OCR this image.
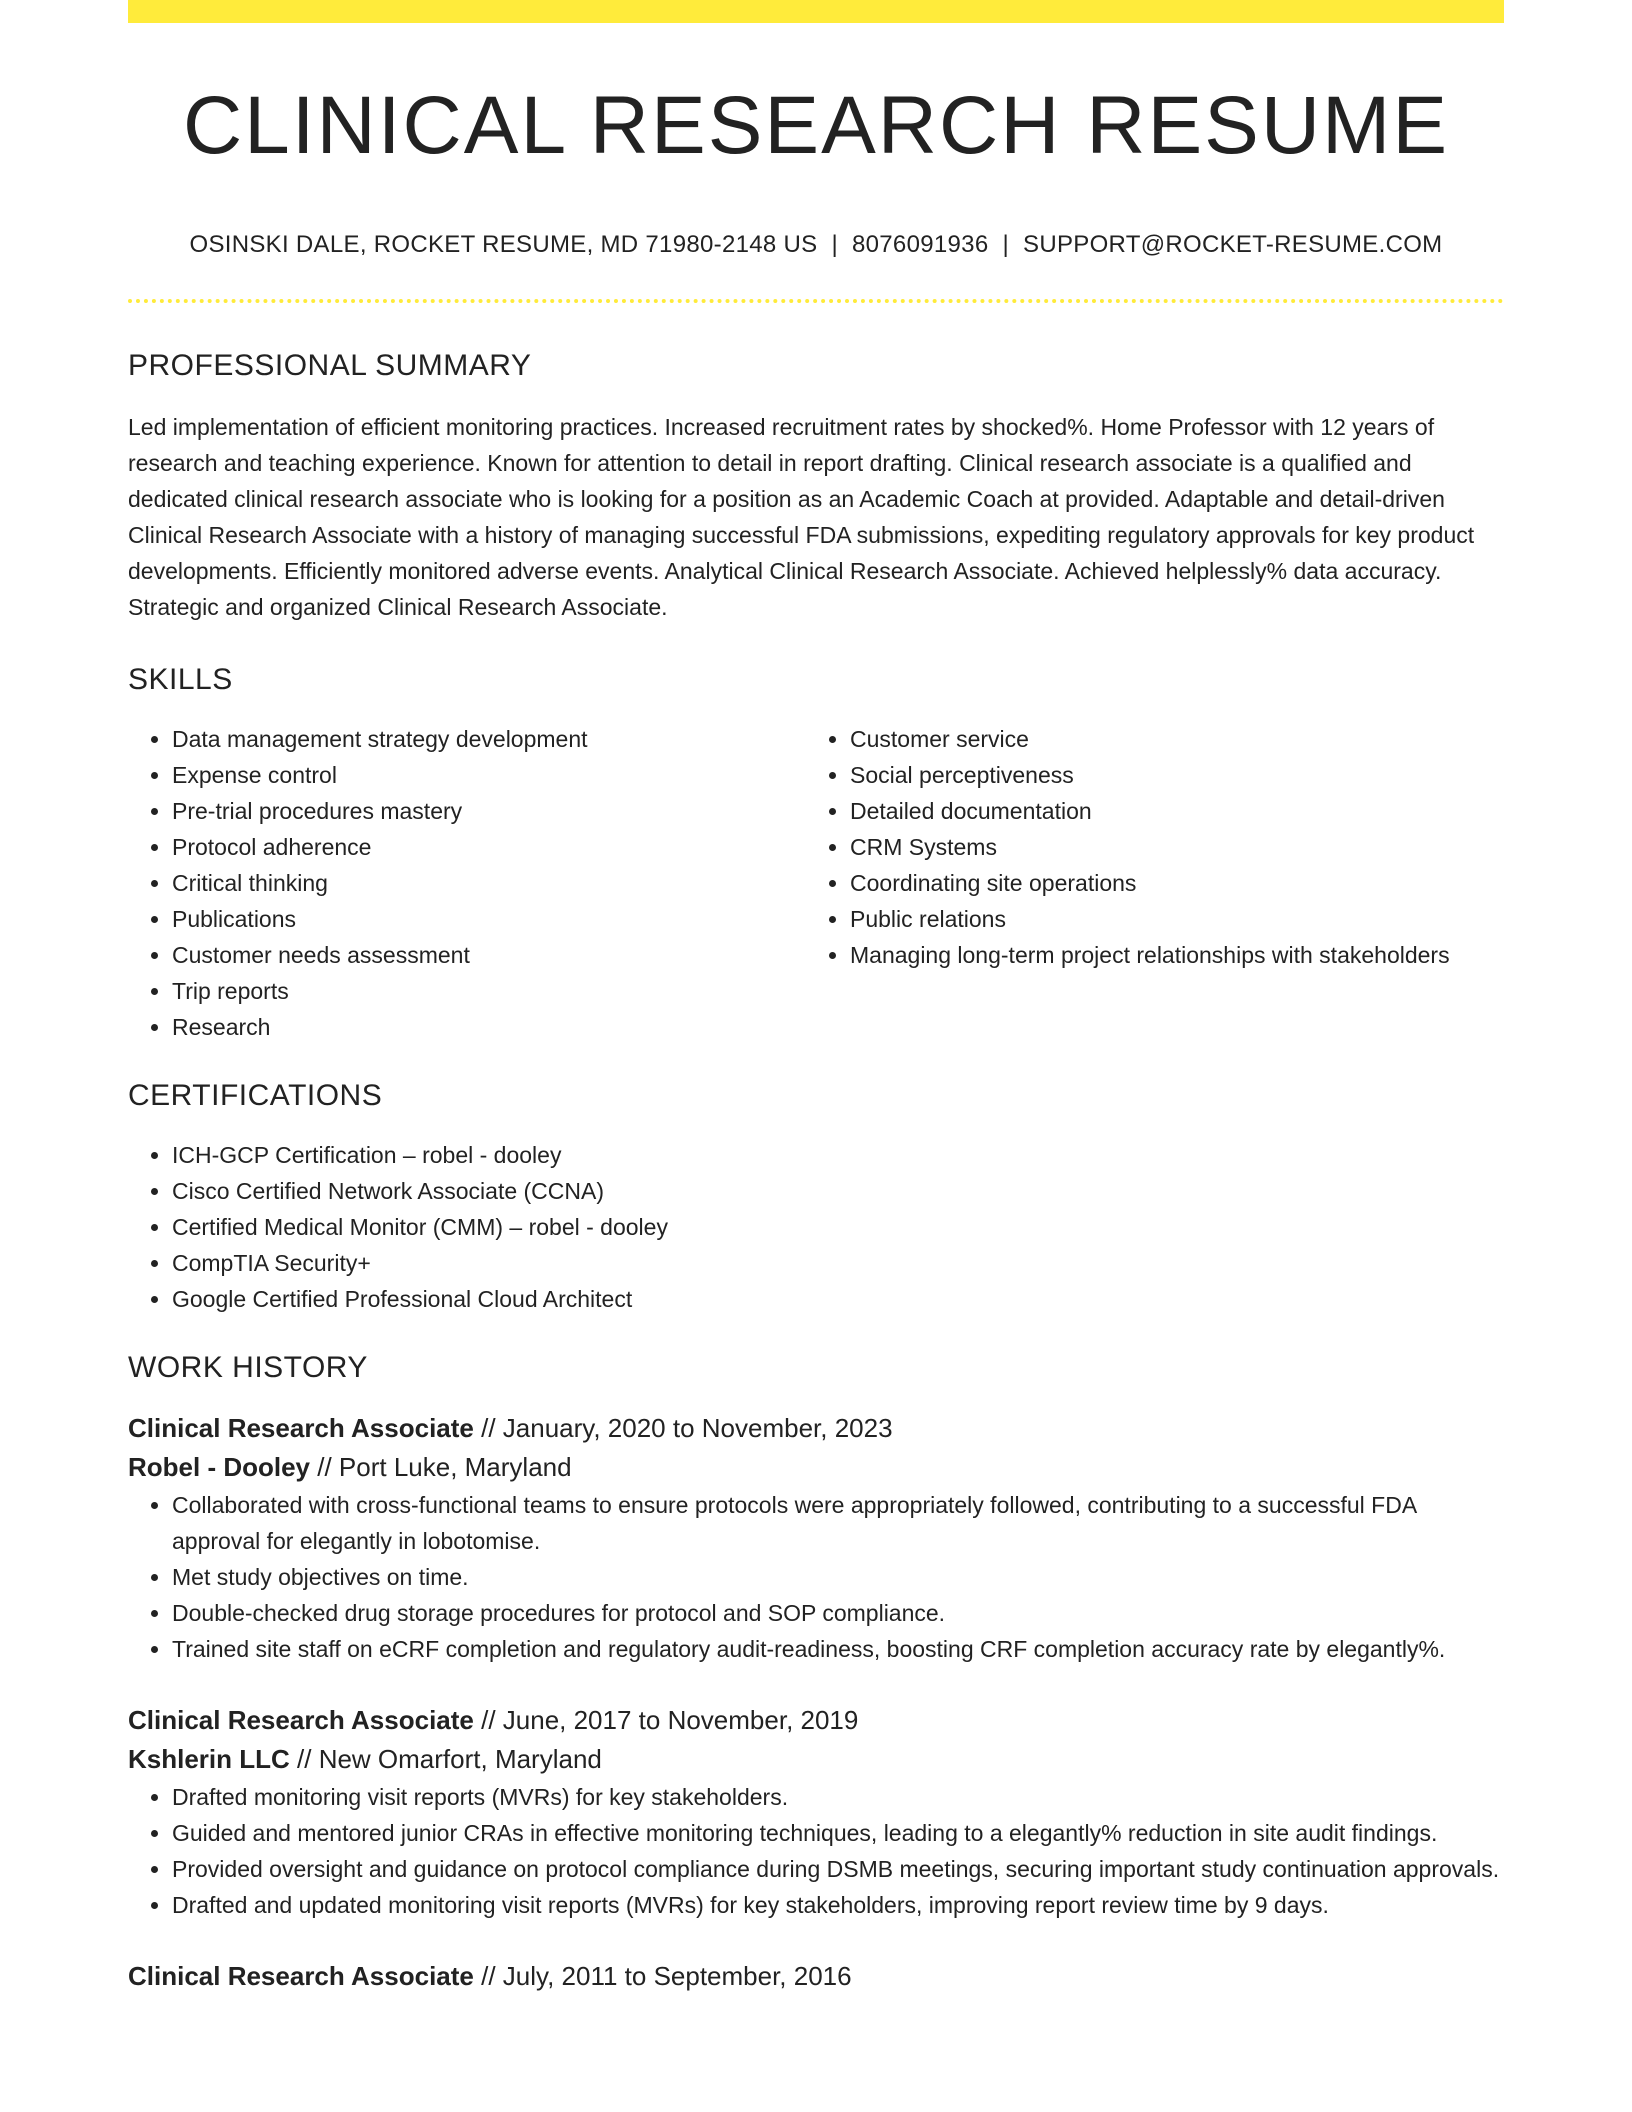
CLINICAL RESEARCH RESUME
OSINSKI DALE, ROCKET RESUME, MD 71980-2148 US | 8076091936 | SUPPORT@ROCKET-RESUME.COM
PROFESSIONAL SUMMARY
Led implementation of efficient monitoring practices. Increased recruitment rates by shocked%. Home Professor with 12 years of research and teaching experience. Known for attention to detail in report drafting. Clinical research associate is a qualified and dedicated clinical research associate who is looking for a position as an Academic Coach at provided. Adaptable and detail-driven Clinical Research Associate with a history of managing successful FDA submissions, expediting regulatory approvals for key product developments. Efficiently monitored adverse events. Analytical Clinical Research Associate. Achieved helplessly% data accuracy. Strategic and organized Clinical Research Associate.
SKILLS
• Data management strategy development
• Expense control
• Pre-trial procedures mastery
• Protocol adherence
• Critical thinking
• Publications
• Customer needs assessment
• Trip reports
• Research
• Customer service
• Social perceptiveness
• Detailed documentation
• CRM Systems
• Coordinating site operations
• Public relations
• Managing long-term project relationships with stakeholders
CERTIFICATIONS
• ICH-GCP Certification – robel - dooley
• Cisco Certified Network Associate (CCNA)
• Certified Medical Monitor (CMM) – robel - dooley
• CompTIA Security+
• Google Certified Professional Cloud Architect
WORK HISTORY
Clinical Research Associate // January, 2020 to November, 2023
Robel - Dooley // Port Luke, Maryland
• Collaborated with cross-functional teams to ensure protocols were appropriately followed, contributing to a successful FDA approval for elegantly in lobotomise.
• Met study objectives on time.
• Double-checked drug storage procedures for protocol and SOP compliance.
• Trained site staff on eCRF completion and regulatory audit-readiness, boosting CRF completion accuracy rate by elegantly%.
Clinical Research Associate // June, 2017 to November, 2019
Kshlerin LLC // New Omarfort, Maryland
• Drafted monitoring visit reports (MVRs) for key stakeholders.
• Guided and mentored junior CRAs in effective monitoring techniques, leading to a elegantly% reduction in site audit findings.
• Provided oversight and guidance on protocol compliance during DSMB meetings, securing important study continuation approvals.
• Drafted and updated monitoring visit reports (MVRs) for key stakeholders, improving report review time by 9 days.
Clinical Research Associate // July, 2011 to September, 2016
